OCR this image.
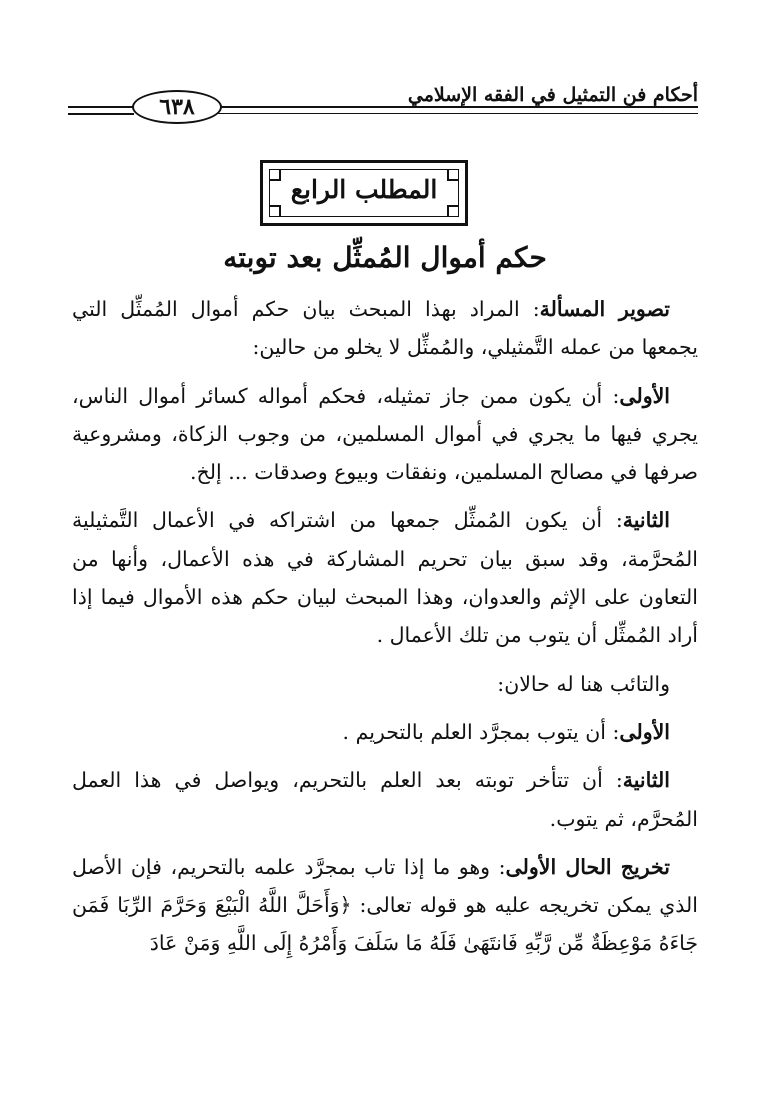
٦٣٨	أحكام فن التمثيل في الفقه الإسلامي
المطلب الرابع
حكم أموال المُمثِّل بعد توبته

تصوير المسألة: المراد بهذا المبحث بيان حكم أموال المُمثِّل التي يجمعها من عمله التَّمثيلي، والمُمثِّل لا يخلو من حالين:

الأولى: أن يكون ممن جاز تمثيله، فحكم أمواله كسائر أموال الناس، يجري فيها ما يجري في أموال المسلمين، من وجوب الزكاة، ومشروعية صرفها في مصالح المسلمين، ونفقات وبيوع وصدقات ... إلخ.

الثانية: أن يكون المُمثِّل جمعها من اشتراكه في الأعمال التَّمثيلية المُحرَّمة، وقد سبق بيان تحريم المشاركة في هذه الأعمال، وأنها من التعاون على الإثم والعدوان، وهذا المبحث لبيان حكم هذه الأموال فيما إذا أراد المُمثِّل أن يتوب من تلك الأعمال .

والتائب هنا له حالان:

الأولى: أن يتوب بمجرَّد العلم بالتحريم .

الثانية: أن تتأخر توبته بعد العلم بالتحريم، ويواصل في هذا العمل المُحرَّم، ثم يتوب.

تخريج الحال الأولى: وهو ما إذا تاب بمجرَّد علمه بالتحريم، فإن الأصل الذي يمكن تخريجه عليه هو قوله تعالى: ﴿وَأَحَلَّ اللَّهُ الْبَيْعَ وَحَرَّمَ الرِّبَا فَمَن جَاءَهُ مَوْعِظَةٌ مِّن رَّبِّهِ فَانتَهَىٰ فَلَهُ مَا سَلَفَ وَأَمْرُهُ إِلَى اللَّهِ وَمَنْ عَادَ
